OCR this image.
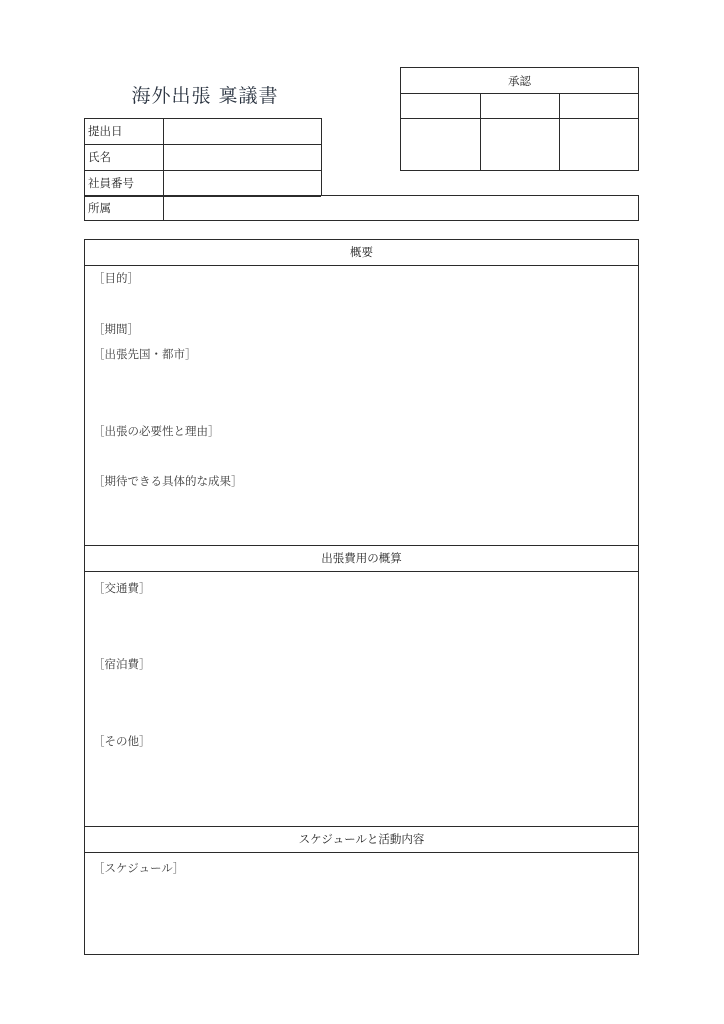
海外出張 稟議書
承認
提出日
氏名
社員番号
所属
概要
［目的］
［期間］
［出張先国・都市］
［出張の必要性と理由］
［期待できる具体的な成果］
出張費用の概算
［交通費］
［宿泊費］
［その他］
スケジュールと活動内容
［スケジュール］
